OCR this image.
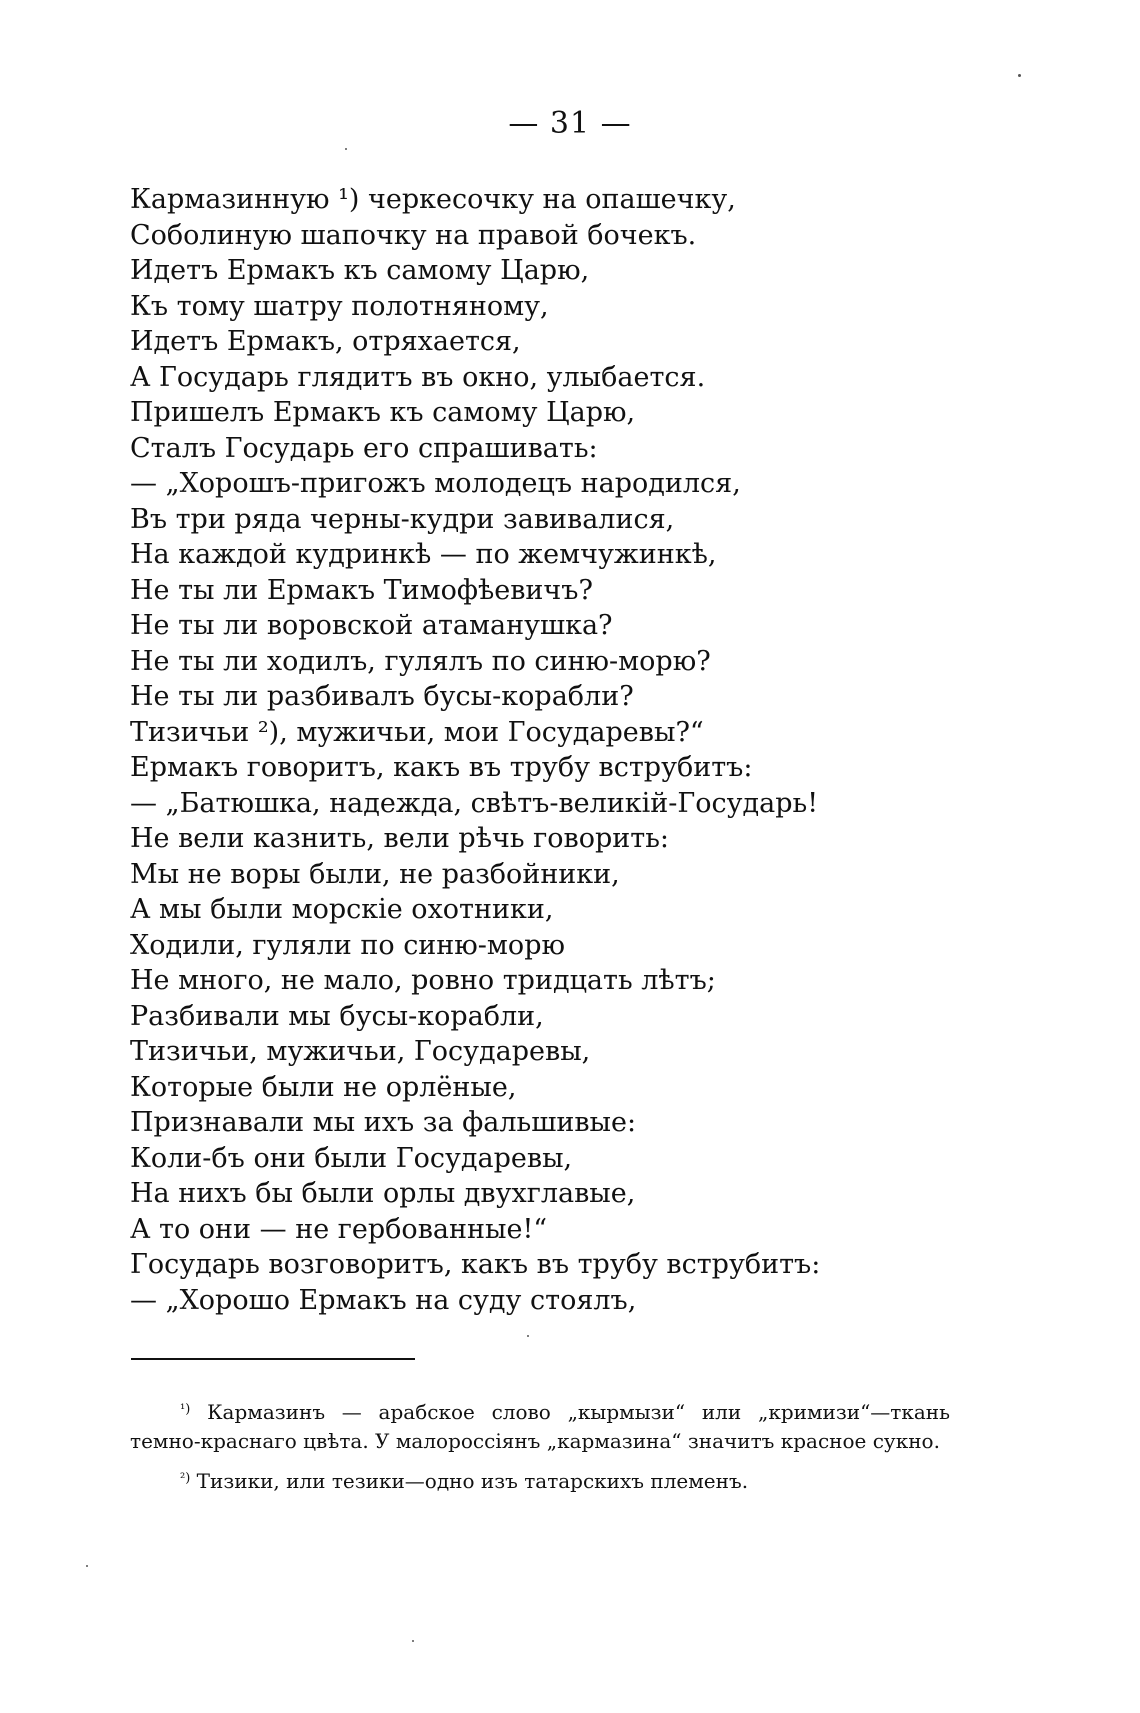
— 31 —
Кармазинную ¹) черкесочку на опашечку,
Соболиную шапочку на правой бочекъ.
Идетъ Ермакъ къ самому Царю,
Къ тому шатру полотняному,
Идетъ Ермакъ, отряхается,
А Государь глядитъ въ окно, улыбается.
Пришелъ Ермакъ къ самому Царю,
Сталъ Государь его спрашивать:
— „Хорошъ-пригожъ молодецъ народился,
Въ три ряда черны-кудри завивалися,
На каждой кудринкѣ — по жемчужинкѣ,
Не ты ли Ермакъ Тимофѣевичъ?
Не ты ли воровской атаманушка?
Не ты ли ходилъ, гулялъ по синю-морю?
Не ты ли разбивалъ бусы-корабли?
Тизичьи ²), мужичьи, мои Государевы?“
Ермакъ говоритъ, какъ въ трубу вструбитъ:
— „Батюшка, надежда, свѣтъ-великій-Государь!
Не вели казнить, вели рѣчь говорить:
Мы не воры были, не разбойники,
А мы были морскіе охотники,
Ходили, гуляли по синю-морю
Не много, не мало, ровно тридцать лѣтъ;
Разбивали мы бусы-корабли,
Тизичьи, мужичьи, Государевы,
Которые были не орлёные,
Признавали мы ихъ за фальшивые:
Коли-бъ они были Государевы,
На нихъ бы были орлы двухглавые,
А то они — не гербованные!“
Государь возговоритъ, какъ въ трубу вструбитъ:
— „Хорошо Ермакъ на суду стоялъ,

$^{^1)}$ Кармазинъ — арабское слово „кырмызи“ или „кримизи“—ткань темно-краснаго цвѣта. У малороссіянъ „кармазина“ значитъ красное сукно.

$^{^2)}$ Тизики, или тезики—одно изъ татарскихъ племенъ.
